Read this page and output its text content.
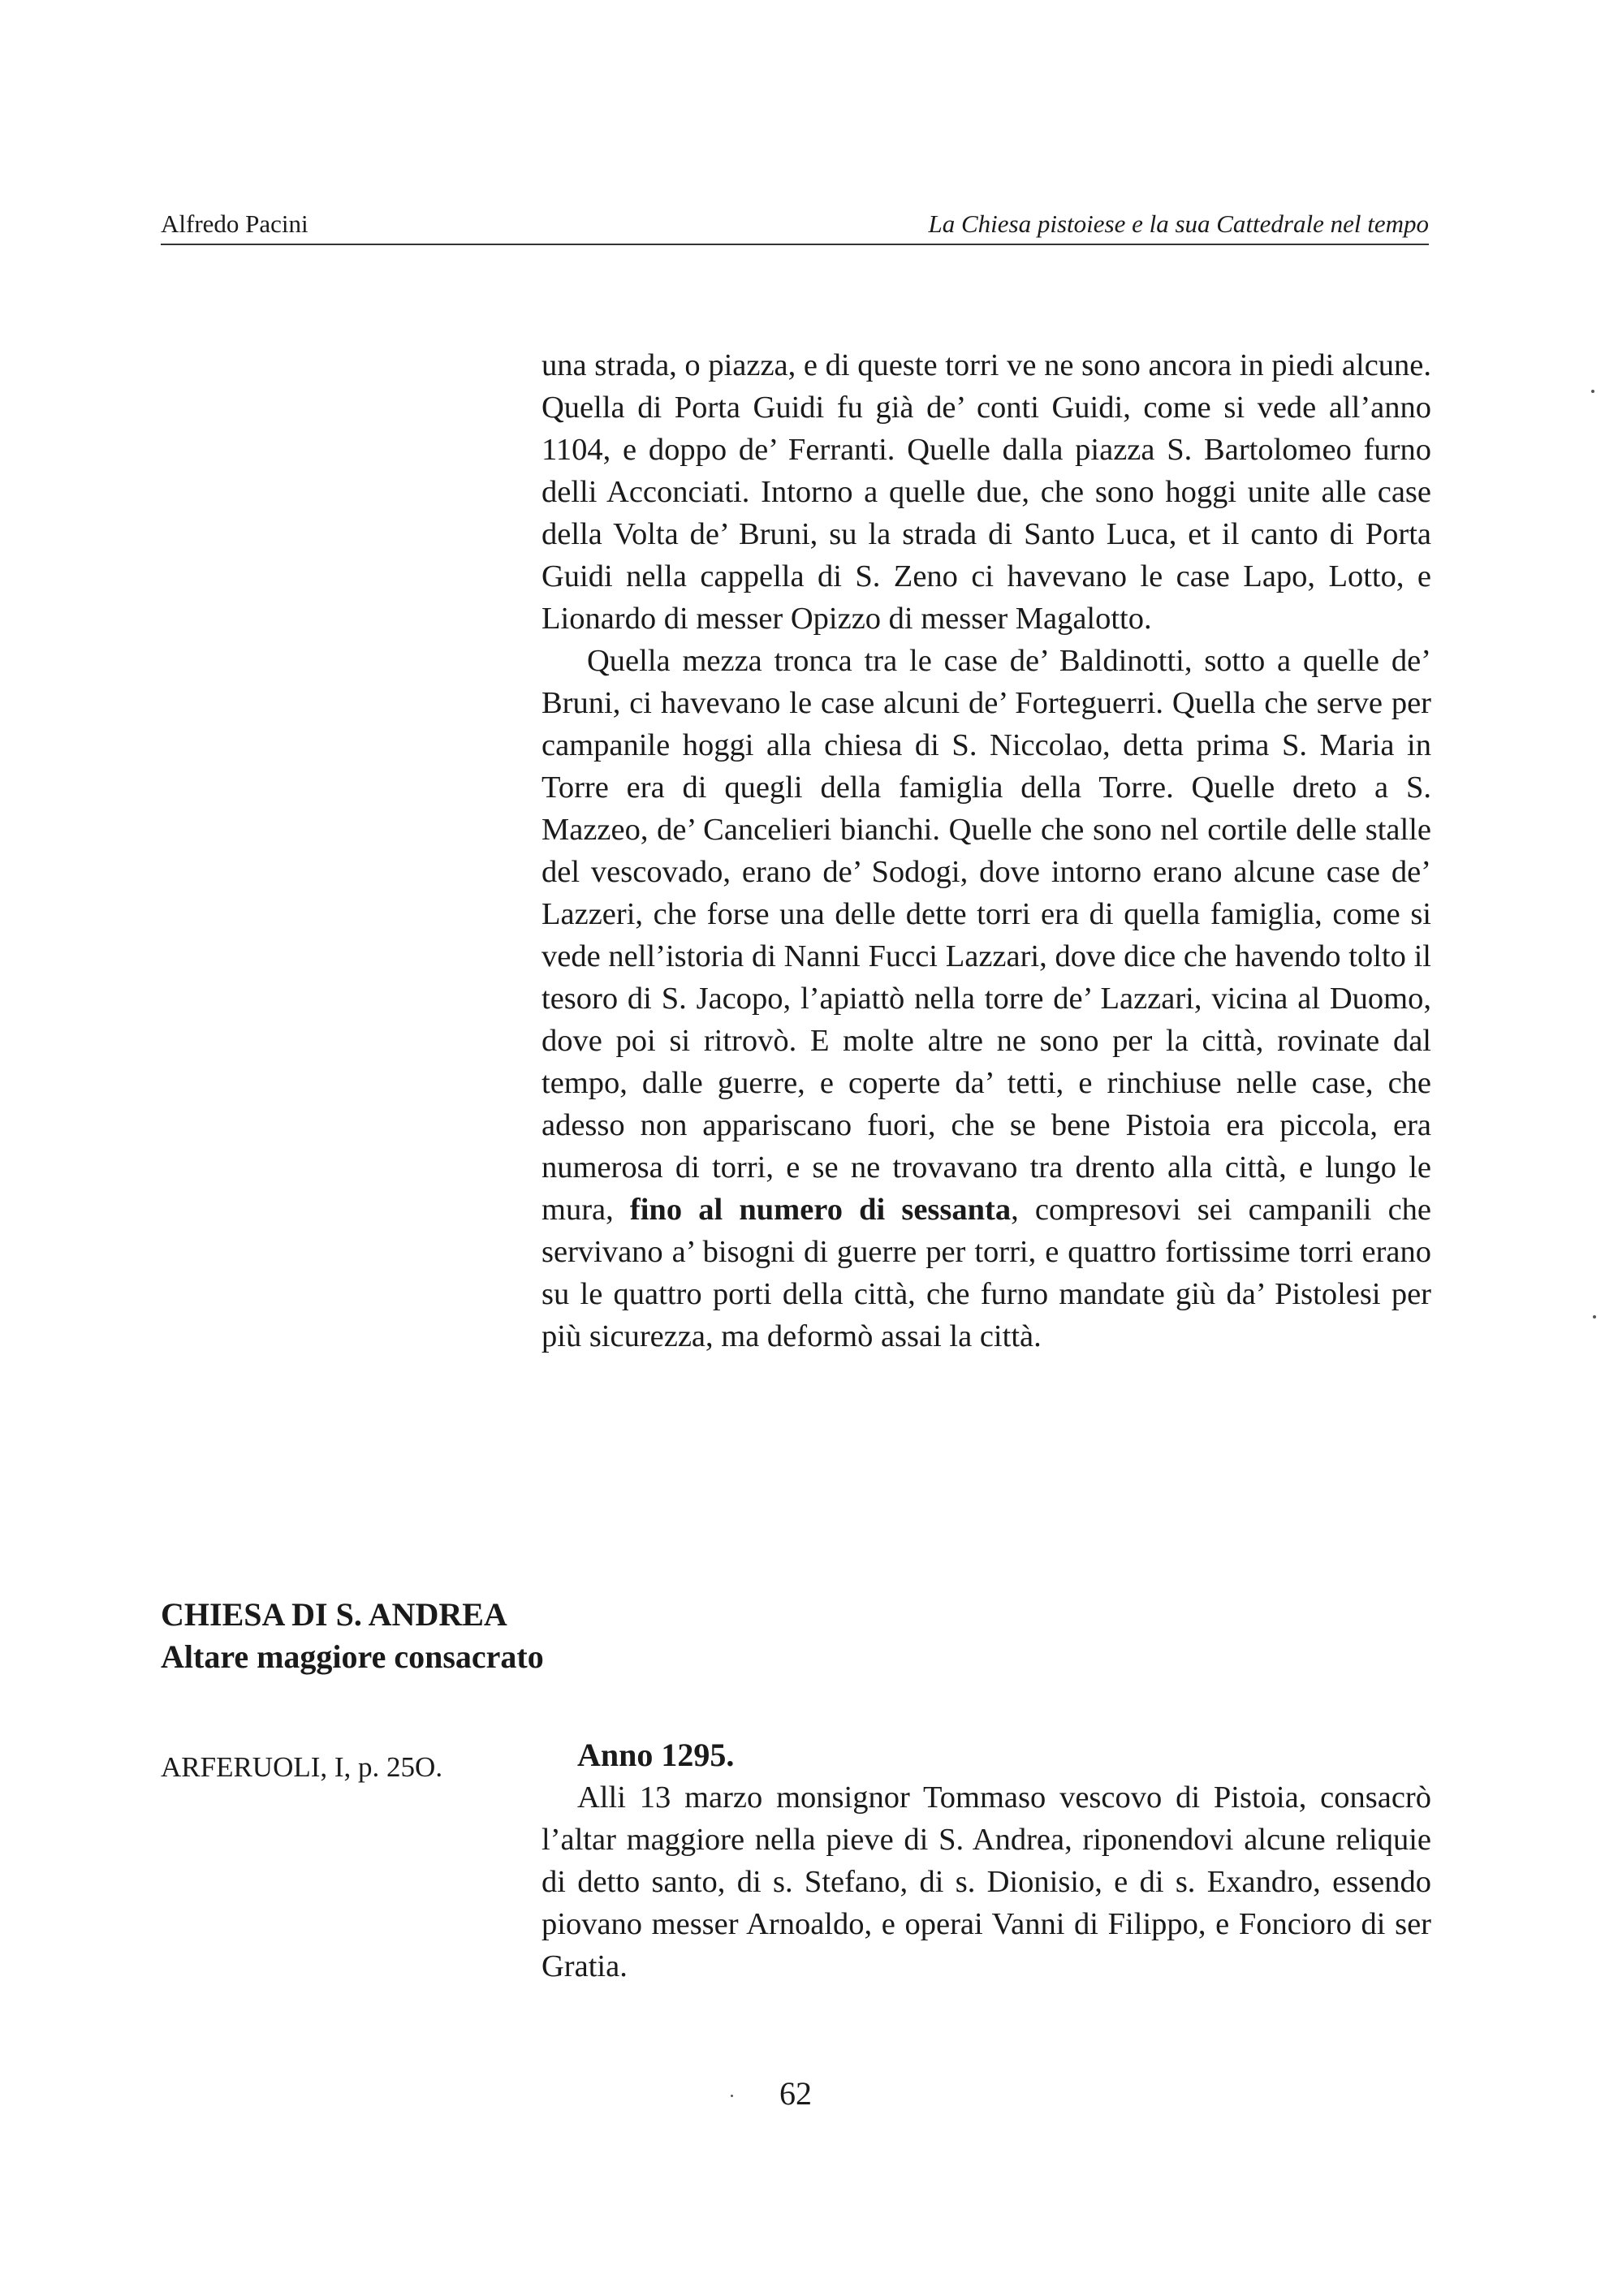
Alfredo Pacini	La Chiesa pistoiese e la sua Cattedrale nel tempo

una strada, o piazza, e di queste torri ve ne sono ancora in piedi alcune. Quella di Porta Guidi fu già de’ conti Guidi, come si vede all’anno 1104, e doppo de’ Ferranti. Quelle dalla piazza S. Bartolomeo furno delli Acconciati. Intorno a quelle due, che sono hoggi unite alle case della Volta de’ Bruni, su la strada di Santo Luca, et il canto di Porta Guidi nella cappella di S. Zeno ci havevano le case Lapo, Lotto, e Lionardo di messer Opizzo di messer Magalotto.

Quella mezza tronca tra le case de’ Baldinotti, sotto a quelle de’ Bruni, ci havevano le case alcuni de’ Forteguerri. Quella che serve per campanile hoggi alla chiesa di S. Niccolao, detta prima S. Maria in Torre era di quegli della famiglia della Torre. Quelle dreto a S. Mazzeo, de’ Cancelieri bianchi. Quelle che sono nel cortile delle stalle del vescovado, erano de’ Sodogi, dove intorno erano alcune case de’ Lazzeri, che forse una delle dette torri era di quella famiglia, come si vede nell’istoria di Nanni Fucci Lazzari, dove dice che havendo tolto il tesoro di S. Jacopo, l’apiattò nella torre de’ Lazzari, vicina al Duomo, dove poi si ritrovò. E molte altre ne sono per la città, rovinate dal tempo, dalle guerre, e coperte da’ tetti, e rinchiuse nelle case, che adesso non appariscano fuori, che se bene Pistoia era piccola, era numerosa di torri, e se ne trovavano tra drento alla città, e lungo le mura, fino al numero di sessanta, compresovi sei campanili che servivano a’ bisogni di guerre per torri, e quattro fortissime torri erano su le quattro porti della città, che furno mandate giù da’ Pistolesi per più sicurezza, ma deformò assai la città.

CHIESA DI S. ANDREA
Altare maggiore consacrato
ARFERUOLI, I, p. 25O.	Anno 1295.

Alli 13 marzo monsignor Tommaso vescovo di Pistoia, consacrò l’altar maggiore nella pieve di S. Andrea, riponendovi alcune reliquie di detto santo, di s. Stefano, di s. Dionisio, e di s. Exandro, essendo piovano messer Arnoaldo, e operai Vanni di Filippo, e Fonciorо di ser Gratia.

62
